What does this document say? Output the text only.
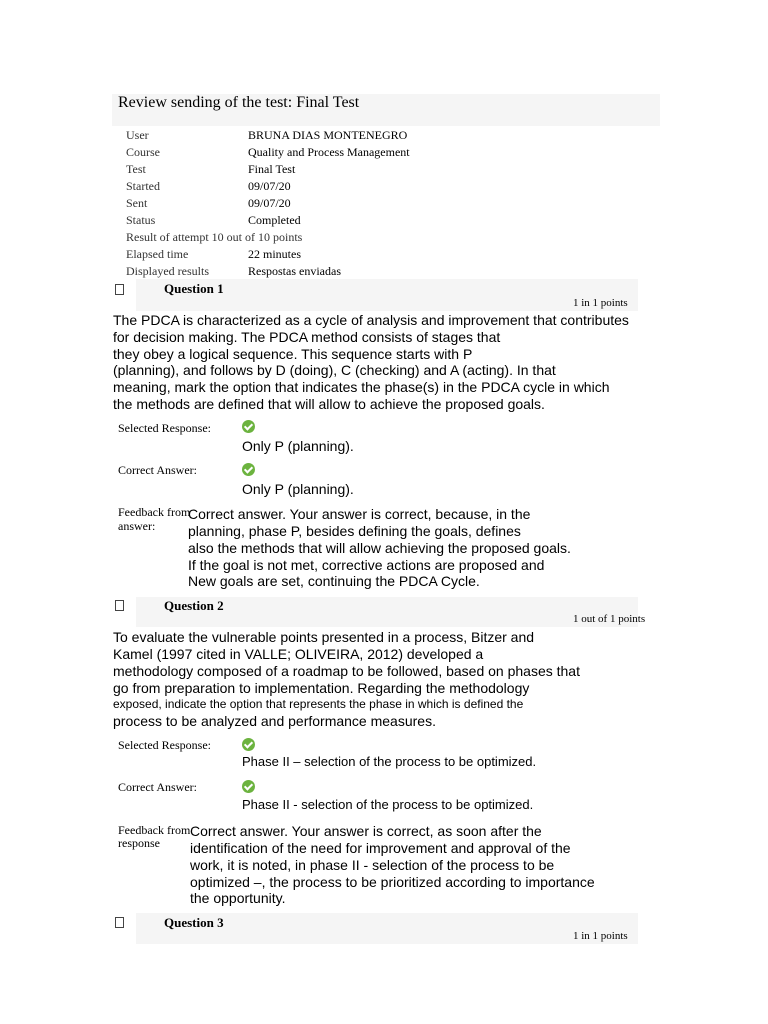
Review sending of the test: Final Test
User	BRUNA DIAS MONTENEGRO
Course	Quality and Process Management
Test	Final Test
Started	09/07/20
Sent	09/07/20
Status	Completed
Result of attempt 10 out of 10 points
Elapsed time	22 minutes
Displayed results	Respostas enviadas
Question 1
1 in 1 points
The PDCA is characterized as a cycle of analysis and improvement that contributes
for decision making. The PDCA method consists of stages that
they obey a logical sequence. This sequence starts with P
(planning), and follows by D (doing), C (checking) and A (acting). In that
meaning, mark the option that indicates the phase(s) in the PDCA cycle in which
the methods are defined that will allow to achieve the proposed goals.
Selected Response:
Only P (planning).
Correct Answer:
Only P (planning).
Feedback from
answer:
Correct answer. Your answer is correct, because, in the
planning, phase P, besides defining the goals, defines
also the methods that will allow achieving the proposed goals.
If the goal is not met, corrective actions are proposed and
New goals are set, continuing the PDCA Cycle.
Question 2
1 out of 1 points
To evaluate the vulnerable points presented in a process, Bitzer and
Kamel (1997 cited in VALLE; OLIVEIRA, 2012) developed a
methodology composed of a roadmap to be followed, based on phases that
go from preparation to implementation. Regarding the methodology
exposed, indicate the option that represents the phase in which is defined the
process to be analyzed and performance measures.
Selected Response:
Phase II – selection of the process to be optimized.
Correct Answer:
Phase II - selection of the process to be optimized.
Feedback from
response
Correct answer. Your answer is correct, as soon after the
identification of the need for improvement and approval of the
work, it is noted, in phase II - selection of the process to be
optimized –, the process to be prioritized according to importance
the opportunity.
Question 3
1 in 1 points
